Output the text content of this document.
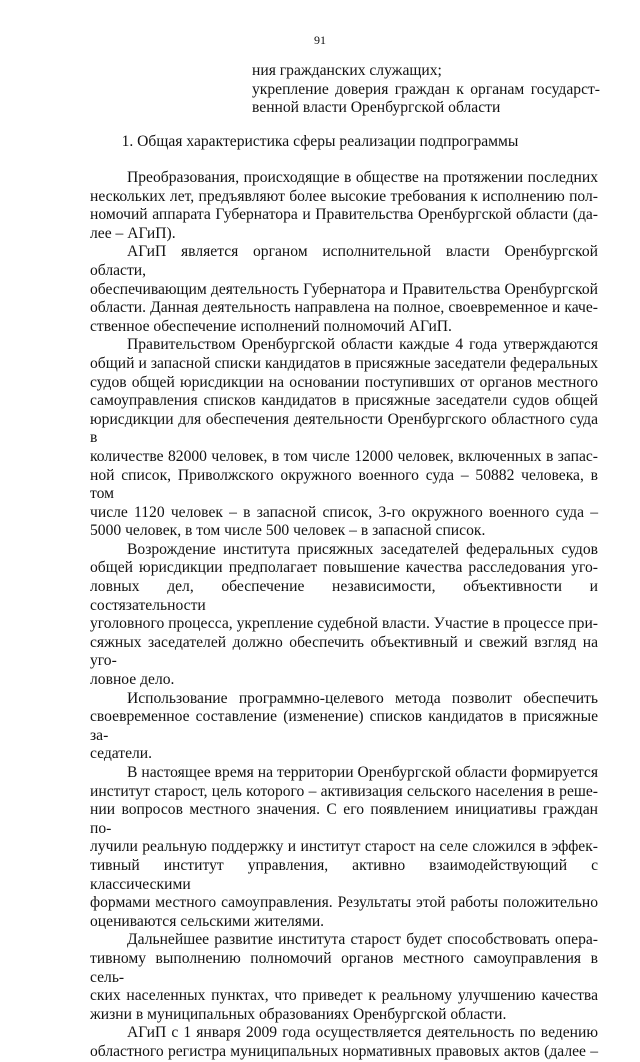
91
ния гражданских служащих;
укрепление доверия граждан к органам государст-
венной власти Оренбургской области
1. Общая характеристика сферы реализации подпрограммы
Преобразования, происходящие в обществе на протяжении последних
нескольких лет, предъявляют более высокие требования к исполнению пол-
номочий аппарата Губернатора и Правительства Оренбургской области (да-
лее – АГиП).
АГиП является органом исполнительной власти Оренбургской области,
обеспечивающим деятельность Губернатора и Правительства Оренбургской
области. Данная деятельность направлена на полное, своевременное и каче-
ственное обеспечение исполнений полномочий АГиП.
Правительством Оренбургской области каждые 4 года утверждаются
общий и запасной списки кандидатов в присяжные заседатели федеральных
судов общей юрисдикции на основании поступивших от органов местного
самоуправления списков кандидатов в присяжные заседатели судов общей
юрисдикции для обеспечения деятельности Оренбургского областного суда в
количестве 82000 человек, в том числе 12000 человек, включенных в запас-
ной список, Приволжского окружного военного суда – 50882 человека, в том
числе 1120 человек – в запасной список, 3-го окружного военного суда –
5000 человек, в том числе 500 человек – в запасной список.
Возрождение института присяжных заседателей федеральных судов
общей юрисдикции предполагает повышение качества расследования уго-
ловных дел, обеспечение независимости, объективности и состязательности
уголовного процесса, укрепление судебной власти. Участие в процессе при-
сяжных заседателей должно обеспечить объективный и свежий взгляд на уго-
ловное дело.
Использование программно-целевого метода позволит обеспечить
своевременное составление (изменение) списков кандидатов в присяжные за-
седатели.
В настоящее время на территории Оренбургской области формируется
институт старост, цель которого – активизация сельского населения в реше-
нии вопросов местного значения. С его появлением инициативы граждан по-
лучили реальную поддержку и институт старост на селе сложился в эффек-
тивный институт управления, активно взаимодействующий с классическими
формами местного самоуправления. Результаты этой работы положительно
оцениваются сельскими жителями.
Дальнейшее развитие института старост будет способствовать опера-
тивному выполнению полномочий органов местного самоуправления в сель-
ских населенных пунктах, что приведет к реальному улучшению качества
жизни в муниципальных образованиях Оренбургской области.
АГиП с 1 января 2009 года осуществляется деятельность по ведению
областного регистра муниципальных нормативных правовых актов (далее –
